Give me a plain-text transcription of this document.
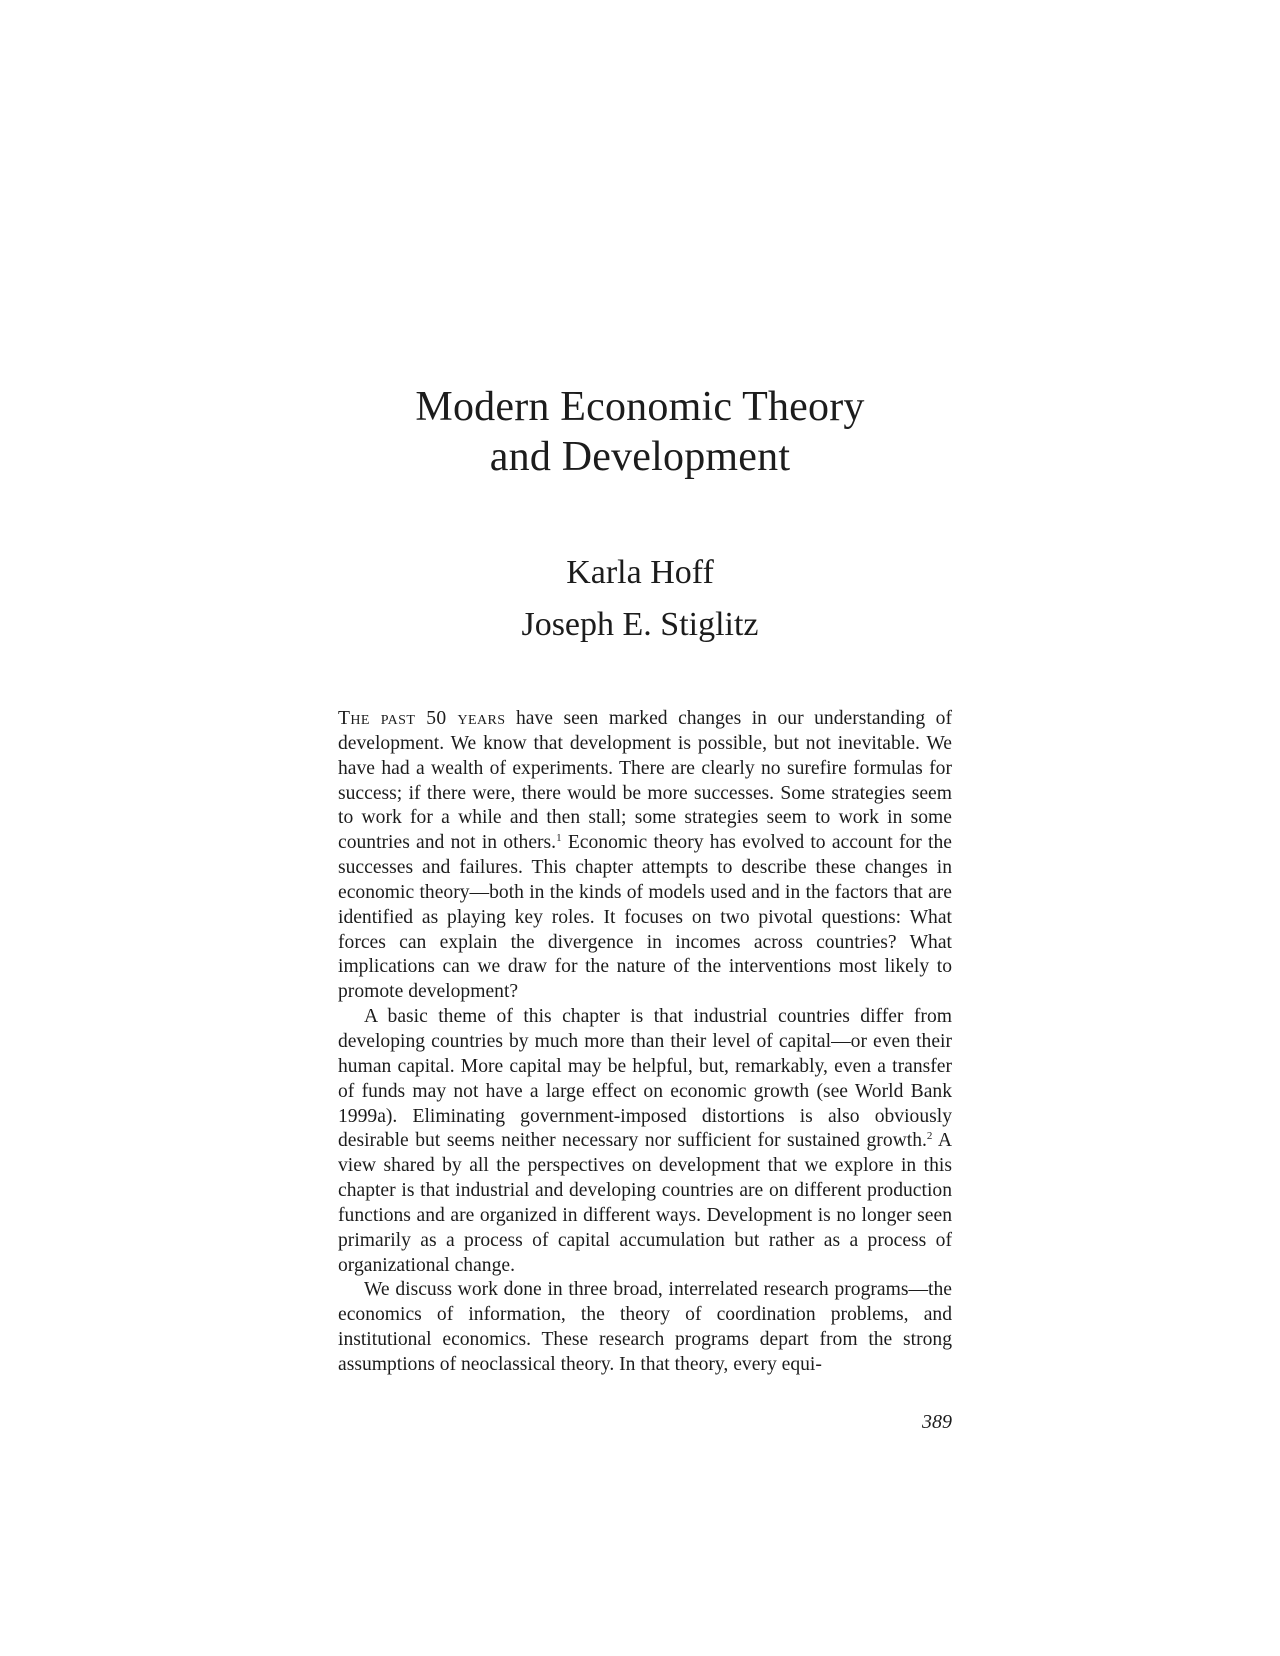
Modern Economic Theory
and Development
Karla Hoff
Joseph E. Stiglitz

The past 50 years have seen marked changes in our understanding of development. We know that development is possible, but not inevitable. We have had a wealth of experiments. There are clearly no surefire formulas for success; if there were, there would be more successes. Some strategies seem to work for a while and then stall; some strategies seem to work in some countries and not in others.$^1$ Economic theory has evolved to account for the successes and failures. This chapter attempts to describe these changes in economic theory—both in the kinds of models used and in the factors that are identified as playing key roles. It focuses on two pivotal questions: What forces can explain the divergence in incomes across countries? What implications can we draw for the nature of the interventions most likely to promote development?

A basic theme of this chapter is that industrial countries differ from developing countries by much more than their level of capital—or even their human capital. More capital may be helpful, but, remarkably, even a transfer of funds may not have a large effect on economic growth (see World Bank 1999a). Eliminating government-imposed distortions is also obviously desirable but seems neither necessary nor sufficient for sustained growth.$^2$ A view shared by all the perspectives on development that we explore in this chapter is that industrial and developing countries are on different production functions and are organized in different ways. Development is no longer seen primarily as a process of capital accumulation but rather as a process of organizational change.

We discuss work done in three broad, interrelated research programs—the economics of information, the theory of coordination problems, and institutional economics. These research programs depart from the strong assumptions of neoclassical theory. In that theory, every equi-

389
